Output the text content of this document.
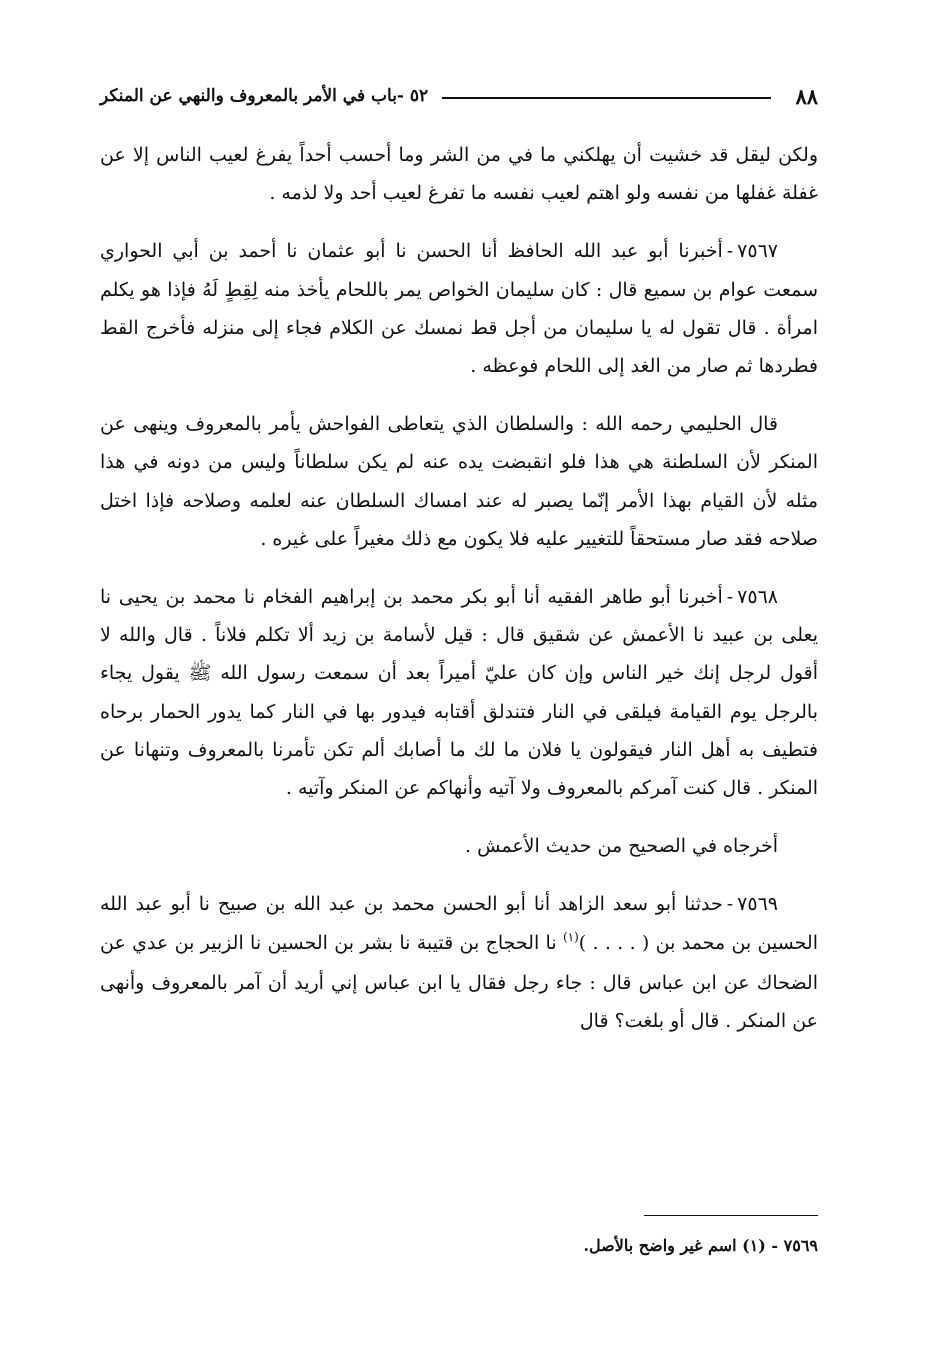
٨٨
٥٢ -باب في الأمر بالمعروف والنهي عن المنكر

ولكن ليقل قد خشيت أن يهلكني ما في من الشر وما أحسب أحداً يفرغ لعيب الناس إلا عن غفلة غفلها من نفسه ولو اهتم لعيب نفسه ما تفرغ لعيب أحد ولا لذمه .

٧٥٦٧-أخبرنا أبو عبد الله الحافظ أنا الحسن نا أبو عثمان نا أحمد بن أبي الحواري سمعت عوام بن سميع قال : كان سليمان الخواص يمر باللحام يأخذ منه لِقِطٍ لَهُ فإذا هو يكلم امرأة . قال تقول له يا سليمان من أجل قط نمسك عن الكلام فجاء إلى منزله فأخرج القط فطردها ثم صار من الغد إلى اللحام فوعظه .

قال الحليمي رحمه الله : والسلطان الذي يتعاطى الفواحش يأمر بالمعروف وينهى عن المنكر لأن السلطنة هي هذا فلو انقبضت يده عنه لم يكن سلطاناً وليس من دونه في هذا مثله لأن القيام بهذا الأمر إنّما يصبر له عند امساك السلطان عنه لعلمه وصلاحه فإذا اختل صلاحه فقد صار مستحقاً للتغيير عليه فلا يكون مع ذلك مغيراً على غيره .

٧٥٦٨-أخبرنا أبو طاهر الفقيه أنا أبو بكر محمد بن إبراهيم الفخام نا محمد بن يحيى نا يعلى بن عبيد نا الأعمش عن شقيق قال : قيل لأسامة بن زيد ألا تكلم فلاناً . قال والله لا أقول لرجل إنك خير الناس وإن كان عليّ أميراً بعد أن سمعت رسول الله ﷺ يقول يجاء بالرجل يوم القيامة فيلقى في النار فتندلق أقتابه فيدور بها في النار كما يدور الحمار برحاه فتطيف به أهل النار فيقولون يا فلان ما لك ما أصابك ألم تكن تأمرنا بالمعروف وتنهانا عن المنكر . قال كنت آمركم بالمعروف ولا آتيه وأنهاكم عن المنكر وآتيه .

أخرجاه في الصحيح من حديث الأعمش .

٧٥٦٩-حدثنا أبو سعد الزاهد أنا أبو الحسن محمد بن عبد الله بن صبيح نا أبو عبد الله الحسين بن محمد بن ( . . . . )$^{(١)}$ نا الحجاج بن قتيبة نا بشر بن الحسين نا الزبير بن عدي عن الضحاك عن ابن عباس قال : جاء رجل فقال يا ابن عباس إني أريد أن آمر بالمعروف وأنهى عن المنكر . قال أو بلغت؟ قال

٧٥٦٩ - (١) اسم غير واضح بالأصل.
